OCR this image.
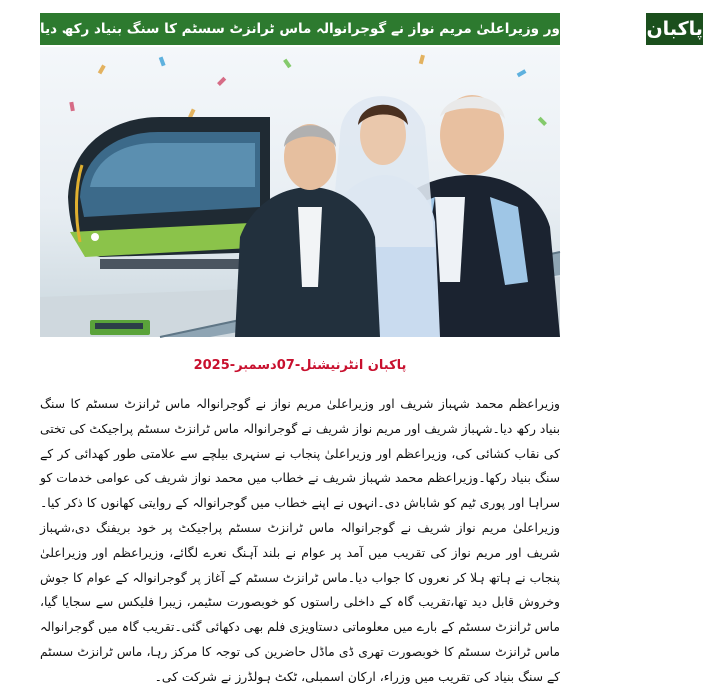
وزیراعظم اور وزیراعلیٰ مریم نواز نے گوجرانوالہ ماس ٹرانزٹ سسٹم کا سنگ بنیاد رکھ دیا پاکبان
پاکبان انٹرنیشنل-07دسمبر-2025

وزیراعظم محمد شہباز شریف اور وزیراعلیٰ مریم نواز نے گوجرانوالہ ماس ٹرانزٹ سسٹم کا سنگ بنیاد رکھ دیا۔شہباز شریف اور مریم نواز شریف نے گوجرانوالہ ماس ٹرانزٹ سسٹم پراجیکٹ کی تختی کی نقاب کشائی کی، وزیراعظم اور وزیراعلیٰ پنجاب نے سنہری بیلچے سے علامتی طور کھدائی کر کے سنگ بنیاد رکھا۔وزیراعظم محمد شہباز شریف نے خطاب میں محمد نواز شریف کی عوامی خدمات کو سراہا اور پوری ٹیم کو شاباش دی۔انہوں نے اپنے خطاب میں گوجرانوالہ کے روایتی کھانوں کا ذکر کیا۔وزیراعلیٰ مریم نواز شریف نے گوجرانوالہ ماس ٹرانزٹ سسٹم پراجیکٹ پر خود بریفنگ دی،شہباز شریف اور مریم نواز کی تقریب میں آمد پر عوام نے بلند آہنگ نعرے لگائے، وزیراعظم اور وزیراعلیٰ پنجاب نے ہاتھ ہلا کر نعروں کا جواب دیا۔ماس ٹرانزٹ سسٹم کے آغاز پر گوجرانوالہ کے عوام کا جوش وخروش قابل دید تھا،تقریب گاہ کے داخلی راستوں کو خوبصورت سٹیمر، زیبرا فلیکس سے سجایا گیا، ماس ٹرانزٹ سسٹم کے بارے میں معلوماتی دستاویزی فلم بھی دکھائی گئی۔تقریب گاہ میں گوجرانوالہ ماس ٹرانزٹ سسٹم کا خوبصورت تھری ڈی ماڈل حاضرین کی توجہ کا مرکز رہا، ماس ٹرانزٹ سسٹم کے سنگ بنیاد کی تقریب میں وزراء، ارکان اسمبلی، ٹکٹ ہولڈرز نے شرکت کی۔
